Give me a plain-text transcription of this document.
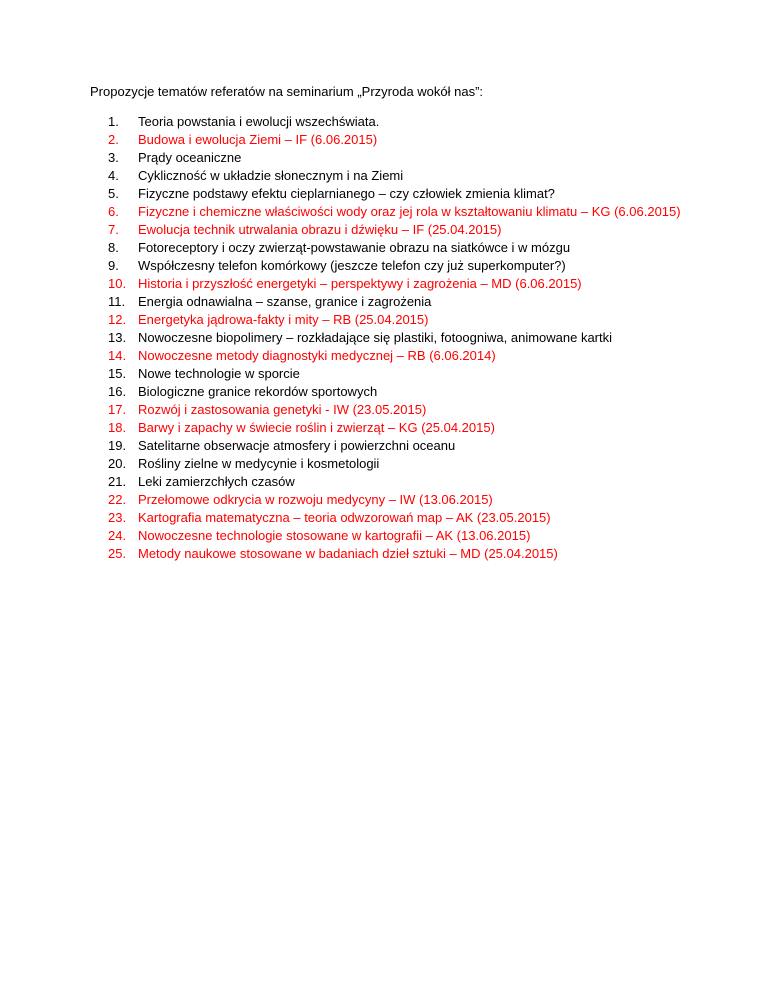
Propozycje tematów referatów na seminarium „Przyroda wokół nas”:
1.	Teoria powstania i ewolucji wszechświata.
2.	Budowa i ewolucja Ziemi – IF (6.06.2015)
3.	Prądy oceaniczne
4.	Cykliczność w układzie słonecznym i na Ziemi
5.	Fizyczne podstawy efektu cieplarnianego – czy człowiek zmienia klimat?
6.	Fizyczne i chemiczne właściwości wody oraz jej rola w kształtowaniu klimatu – KG (6.06.2015)
7.	Ewolucja technik utrwalania obrazu i dźwięku – IF (25.04.2015)
8.	Fotoreceptory i oczy zwierząt-powstawanie obrazu na siatkówce i w mózgu
9.	Współczesny telefon komórkowy (jeszcze telefon czy już superkomputer?)
10. Historia i przyszłość energetyki – perspektywy i zagrożenia – MD (6.06.2015)
11. Energia odnawialna – szanse, granice i zagrożenia
12. Energetyka jądrowa-fakty i mity – RB (25.04.2015)
13. Nowoczesne biopolimery – rozkładające się plastiki, fotoogniwa, animowane kartki
14. Nowoczesne metody diagnostyki medycznej – RB (6.06.2014)
15. Nowe technologie w sporcie
16. Biologiczne granice rekordów sportowych
17. Rozwój i zastosowania genetyki - IW (23.05.2015)
18. Barwy i zapachy w świecie roślin i zwierząt – KG (25.04.2015)
19. Satelitarne obserwacje atmosfery i powierzchni oceanu
20. Rośliny zielne w medycynie i kosmetologii
21. Leki zamierzchłych czasów
22. Przełomowe odkrycia w rozwoju medycyny – IW (13.06.2015)
23. Kartografia matematyczna – teoria odwzorowań map – AK (23.05.2015)
24. Nowoczesne technologie stosowane w kartografii – AK (13.06.2015)
25. Metody naukowe stosowane w badaniach dzieł sztuki – MD (25.04.2015)
